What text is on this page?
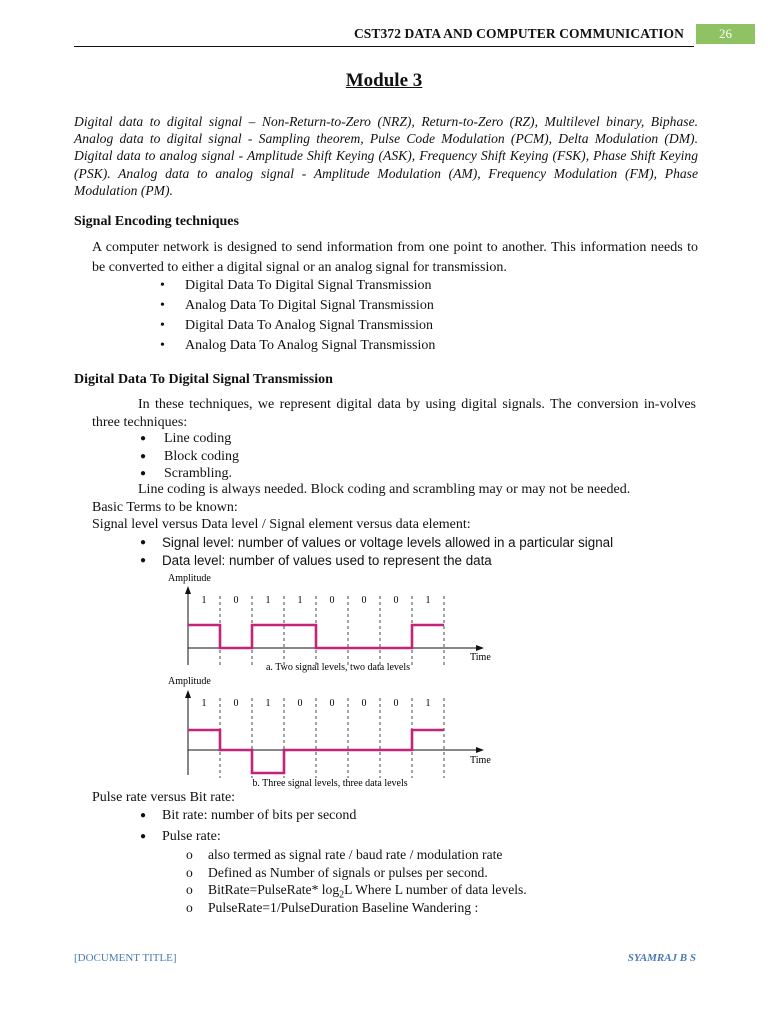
CST372 DATA AND COMPUTER COMMUNICATION	26
Module 3
Digital data to digital signal – Non-Return-to-Zero (NRZ), Return-to-Zero (RZ), Multilevel binary, Biphase. Analog data to digital signal - Sampling theorem, Pulse Code Modulation (PCM), Delta Modulation (DM). Digital data to analog signal - Amplitude Shift Keying (ASK), Frequency Shift Keying (FSK), Phase Shift Keying (PSK). Analog data to analog signal - Amplitude Modulation (AM), Frequency Modulation (FM), Phase Modulation (PM).
Signal Encoding techniques
A computer network is designed to send information from one point to another. This information needs to be converted to either a digital signal or an analog signal for transmission.
• Digital Data To Digital Signal Transmission
• Analog Data To Digital Signal Transmission
• Digital Data To Analog Signal Transmission
• Analog Data To Analog Signal Transmission
Digital Data To Digital Signal Transmission
In these techniques, we represent digital data by using digital signals. The conversion in-volves three techniques:
● Line coding
● Block coding
● Scrambling.
Line coding is always needed. Block coding and scrambling may or may not be needed.
Basic Terms to be known:
Signal level versus Data level / Signal element versus data element:
● Signal level: number of values or voltage levels allowed in a particular signal
● Data level: number of values used to represent the data
Amplitude
Time
1	0	1	1	0	0	0	1
a. Two signal levels, two data levels
Amplitude
Time
1	0	1	0	0	0	0	1
b. Three signal levels, three data levels
Pulse rate versus Bit rate:
● Bit rate: number of bits per second
● Pulse rate:
o also termed as signal rate / baud rate / modulation rate
o Defined as Number of signals or pulses per second.
o BitRate=PulseRate* $\log_2L$ Where L number of data levels.
o PulseRate=1/PulseDuration Baseline Wandering :
[DOCUMENT TITLE]	SYAMRAJ B S
